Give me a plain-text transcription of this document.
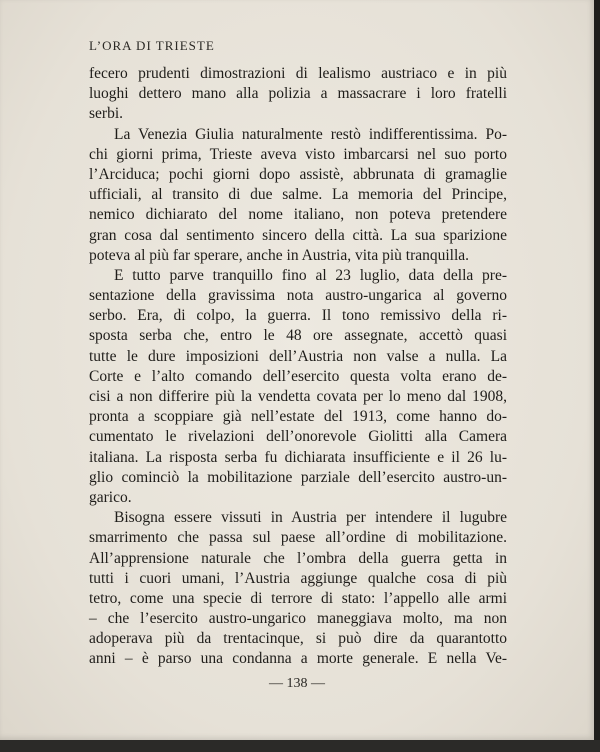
L’ORA DI TRIESTE
fecero prudenti dimostrazioni di lealismo austriaco e in più
luoghi dettero mano alla polizia a massacrare i loro fratelli
serbi.
La Venezia Giulia naturalmente restò indifferentissima. Po-
chi giorni prima, Trieste aveva visto imbarcarsi nel suo porto
l’Arciduca; pochi giorni dopo assistè, abbrunata di gramaglie
ufficiali, al transito di due salme. La memoria del Principe,
nemico dichiarato del nome italiano, non poteva pretendere
gran cosa dal sentimento sincero della città. La sua sparizione
poteva al più far sperare, anche in Austria, vita più tranquilla.
E tutto parve tranquillo fino al 23 luglio, data della pre-
sentazione della gravissima nota austro-ungarica al governo
serbo. Era, di colpo, la guerra. Il tono remissivo della ri-
sposta serba che, entro le 48 ore assegnate, accettò quasi
tutte le dure imposizioni dell’Austria non valse a nulla. La
Corte e l’alto comando dell’esercito questa volta erano de-
cisi a non differire più la vendetta covata per lo meno dal 1908,
pronta a scoppiare già nell’estate del 1913, come hanno do-
cumentato le rivelazioni dell’onorevole Giolitti alla Camera
italiana. La risposta serba fu dichiarata insufficiente e il 26 lu-
glio cominciò la mobilitazione parziale dell’esercito austro-un-
garico.
Bisogna essere vissuti in Austria per intendere il lugubre
smarrimento che passa sul paese all’ordine di mobilitazione.
All’apprensione naturale che l’ombra della guerra getta in
tutti i cuori umani, l’Austria aggiunge qualche cosa di più
tetro, come una specie di terrore di stato: l’appello alle armi
– che l’esercito austro-ungarico maneggiava molto, ma non
adoperava più da trentacinque, si può dire da quarantotto
anni – è parso una condanna a morte generale. E nella Ve-
— 138 —
